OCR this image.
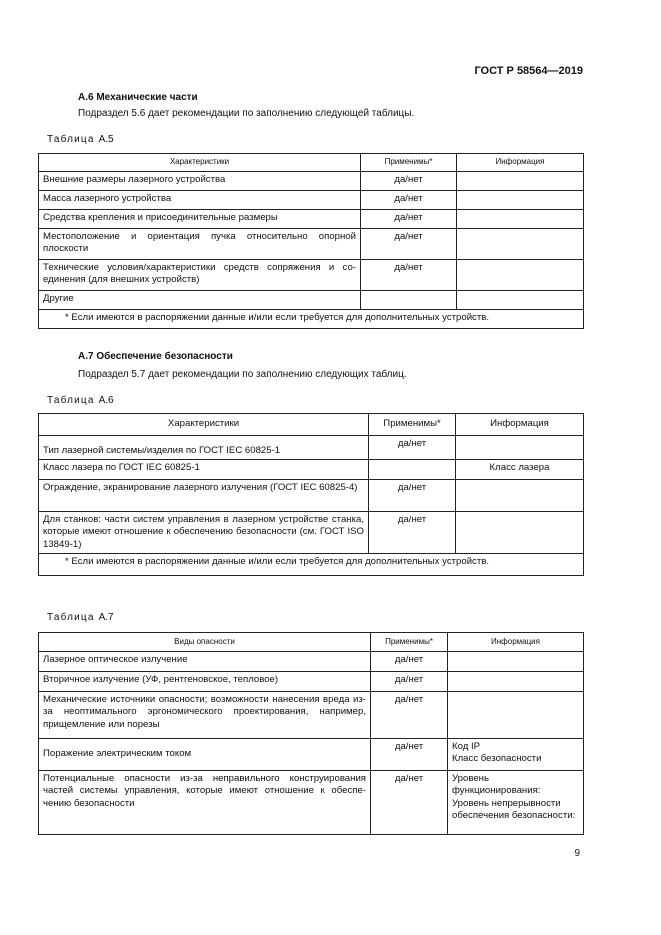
ГОСТ Р 58564—2019
А.6 Механические части
Подраздел 5.6 дает рекомендации по заполнению следующей таблицы.
Таблица А.5
Характеристики	Применимы*	Информация
Внешние размеры лазерного устройства	да/нет	
Масса лазерного устройства	да/нет	
Средства крепления и присоединительные размеры	да/нет	
Местоположение и ориентация пучка относительно опорной плоскости	да/нет	
Технические условия/характеристики средств сопряжения и со-единения (для внешних устройств)	да/нет	
Другие		
* Если имеются в распоряжении данные и/или если требуется для дополнительных устройств.		
А.7 Обеспечение безопасности
Подраздел 5.7 дает рекомендации по заполнению следующих таблиц.
Таблица А.6
Характеристики	Применимы*	Информация
Тип лазерной системы/изделия по ГОСТ IEC 60825-1	да/нет	
Класс лазера по ГОСТ IEC 60825-1		Класс лазера
Ограждение, экранирование лазерного излучения (ГОСТ IEC 60825-4)	да/нет	
Для станков: части систем управления в лазерном устройстве станка, которые имеют отношение к обеспечению безопасности (см. ГОСТ ISO 13849-1)	да/нет	
* Если имеются в распоряжении данные и/или если требуется для дополнительных устройств.		
Таблица А.7
Виды опасности	Применимы*	Информация
Лазерное оптическое излучение	да/нет	
Вторичное излучение (УФ, рентгеновское, тепловое)	да/нет	
Механические источники опасности; возможности нанесения вреда из-за неоптимального эргономического проектирования, например, прищемление или порезы	да/нет	
Поражение электрическим током	да/нет	Код IP
Класс безопасности
Потенциальные опасности из-за неправильного конструирования частей системы управления, которые имеют отношение к обеспе-чению безопасности	да/нет	Уровень функционирования:
Уровень непрерывности обеспечения безопасности:
9
